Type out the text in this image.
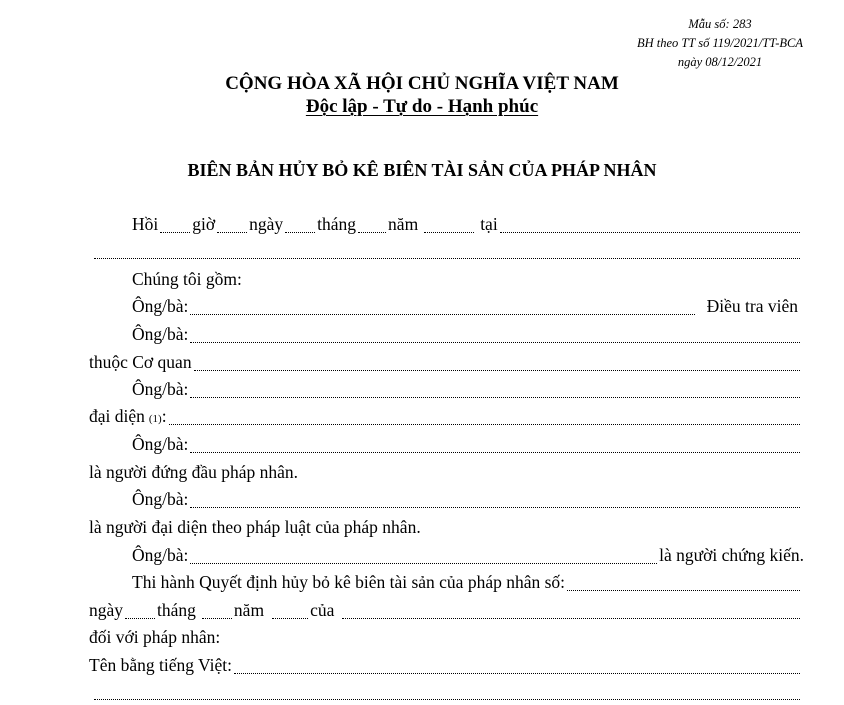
Mẫu số: 283
BH theo TT số 119/2021/TT-BCA
ngày 08/12/2021
CỘNG HÒA XÃ HỘI CHỦ NGHĨA VIỆT NAM
Độc lập - Tự do - Hạnh phúc
BIÊN BẢN HỦY BỎ KÊ BIÊN TÀI SẢN CỦA PHÁP NHÂN
Hồi giờ ngày tháng năm	tại
Chúng tôi gồm:
Ông/bà:	Điều tra viên
Ông/bà:
thuộc Cơ quan
Ông/bà:
đại diện (1) :
Ông/bà:
là người đứng đầu pháp nhân.
Ông/bà:
là người đại diện theo pháp luật của pháp nhân.
Ông/bà:	là người chứng kiến.
Thi hành Quyết định hủy bỏ kê biên tài sản của pháp nhân số:
ngày tháng năm	của
đối với pháp nhân:
Tên bằng tiếng Việt:
